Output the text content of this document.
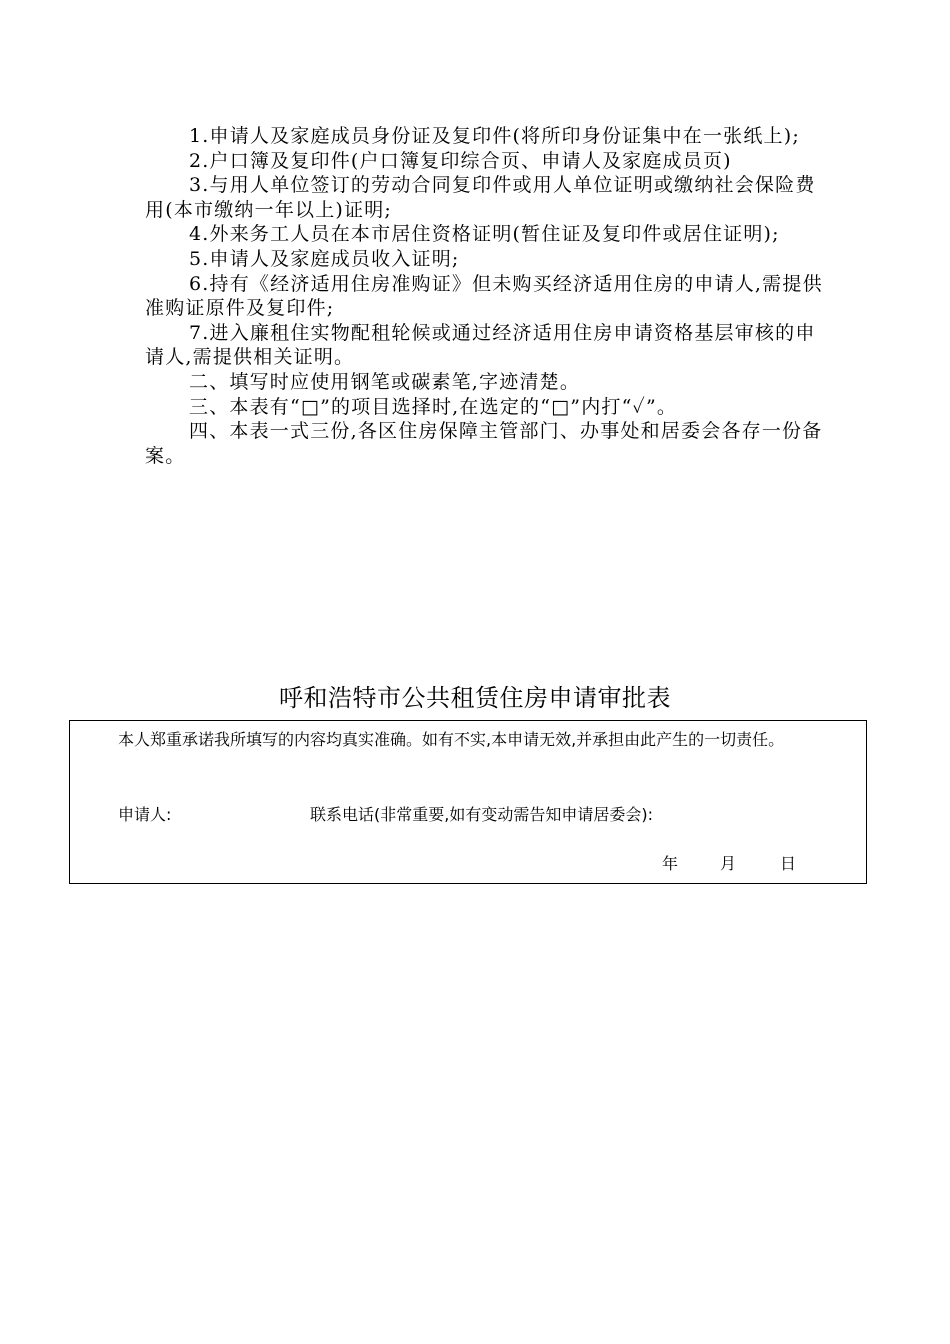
1.申请人及家庭成员身份证及复印件(将所印身份证集中在一张纸上);

2.户口簿及复印件(户口簿复印综合页、申请人及家庭成员页)

3.与用人单位签订的劳动合同复印件或用人单位证明或缴纳社会保险费用(本市缴纳一年以上)证明;

4.外来务工人员在本市居住资格证明(暂住证及复印件或居住证明);

5.申请人及家庭成员收入证明;

6.持有《经济适用住房准购证》但未购买经济适用住房的申请人,需提供准购证原件及复印件;

7.进入廉租住实物配租轮候或通过经济适用住房申请资格基层审核的申请人,需提供相关证明。

二、填写时应使用钢笔或碳素笔,字迹清楚。

三、本表有“□”的项目选择时,在选定的“□”内打“✓”。

四、本表一式三份,各区住房保障主管部门、办事处和居委会各存一份备案。

呼和浩特市公共租赁住房申请审批表

本人郑重承诺我所填写的内容均真实准确。如有不实,本申请无效,并承担由此产生的一切责任。

申请人:	联系电话(非常重要,如有变动需告知申请居委会):
年	月	日
